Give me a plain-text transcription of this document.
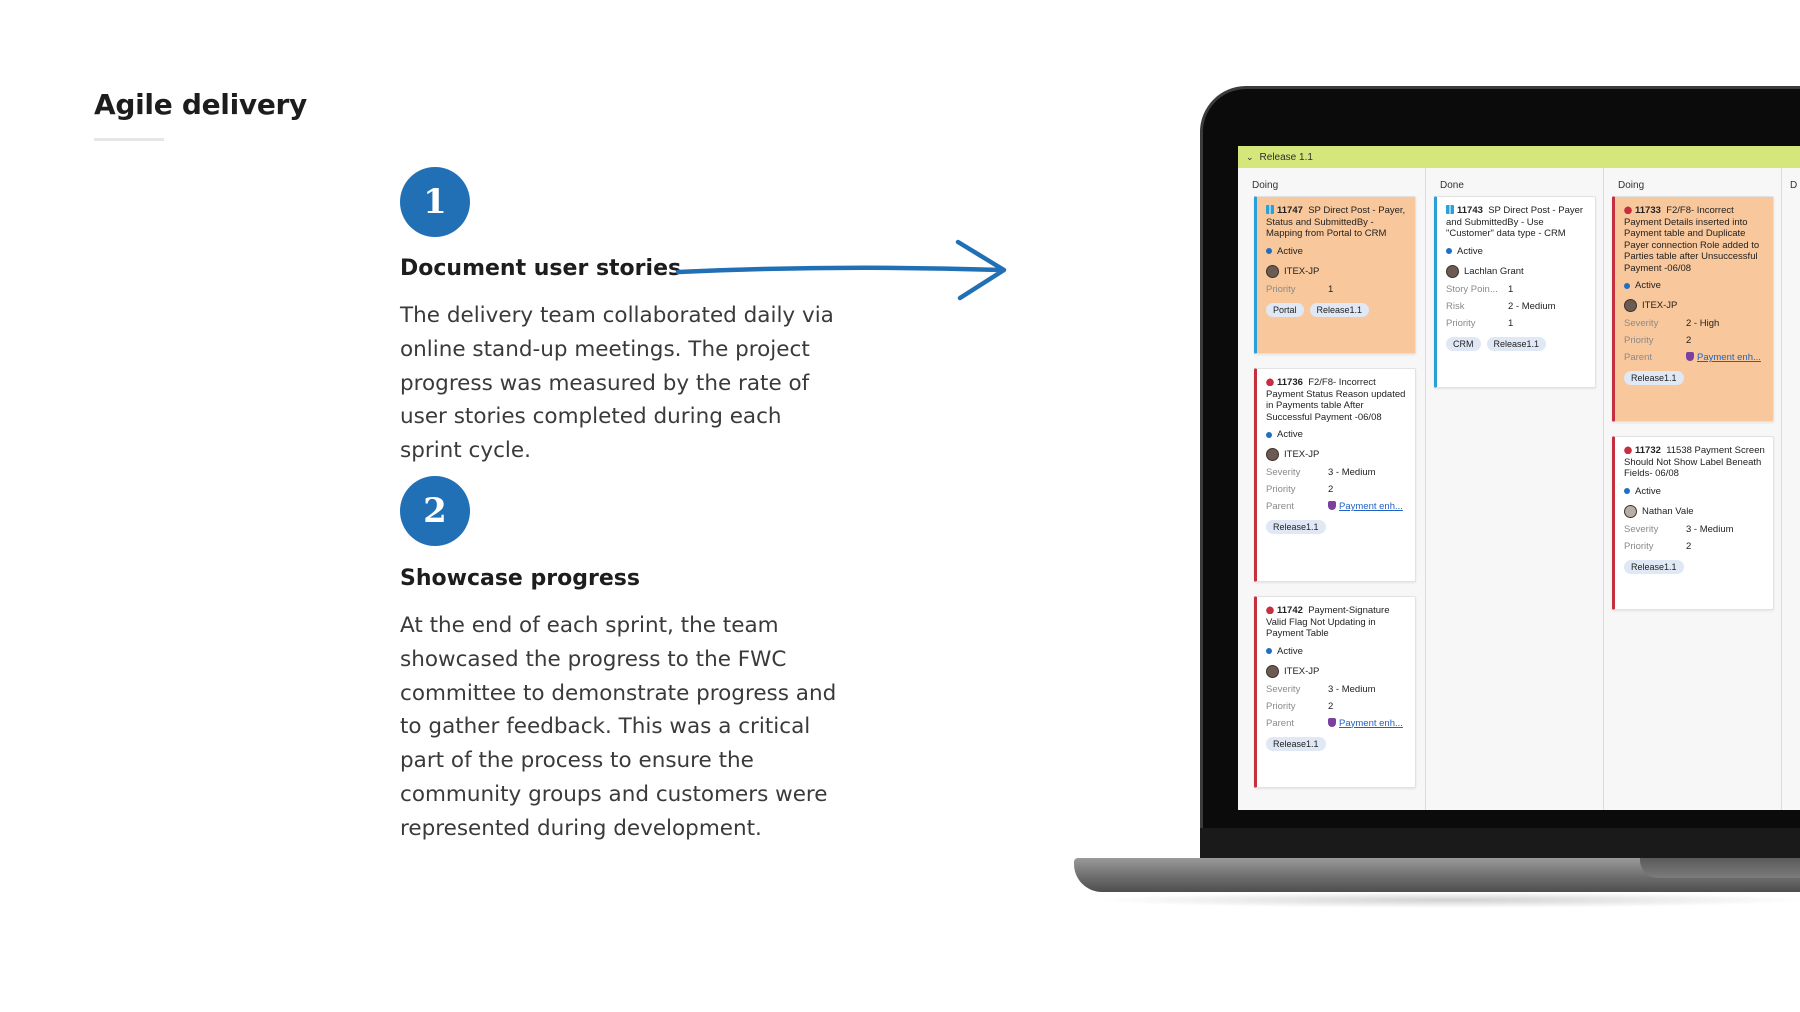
Agile delivery
1
Document user stories
The delivery team collaborated daily via online stand-up meetings. The project progress was measured by the rate of user stories completed during each sprint cycle.
2
Showcase progress
At the end of each sprint, the team showcased the progress to the FWC committee to demonstrate progress and to gather feedback. This was a critical part of the process to ensure the community groups and customers were represented during development.
⌄ Release 1.1
Doing
11747 SP Direct Post - Payer, Status and SubmittedBy - Mapping from Portal to CRM
Active
ITEX-JP
Priority	1
Portal	Release1.1
11736 F2/F8- Incorrect Payment Status Reason updated in Payments table After Successful Payment -06/08
Active
ITEX-JP
Severity	3 - Medium
Priority	2
Parent	Payment enh...
Release1.1
11742 Payment-Signature Valid Flag Not Updating in Payment Table
Active
ITEX-JP
Severity	3 - Medium
Priority	2
Parent	Payment enh...
Release1.1
Done
11743 SP Direct Post - Payer and SubmittedBy - Use "Customer" data type - CRM
Active
Lachlan Grant
Story Poin...	1
Risk	2 - Medium
Priority	1
CRM	Release1.1
Doing
11733 F2/F8- Incorrect Payment Details inserted into Payment table and Duplicate Payer connection Role added to Parties table after Unsuccessful Payment -06/08
Active
ITEX-JP
Severity	2 - High
Priority	2
Parent	Payment enh...
Release1.1
11732 11538 Payment Screen Should Not Show Label Beneath Fields- 06/08
Active
Nathan Vale
Severity	3 - Medium
Priority	2
Release1.1
D
